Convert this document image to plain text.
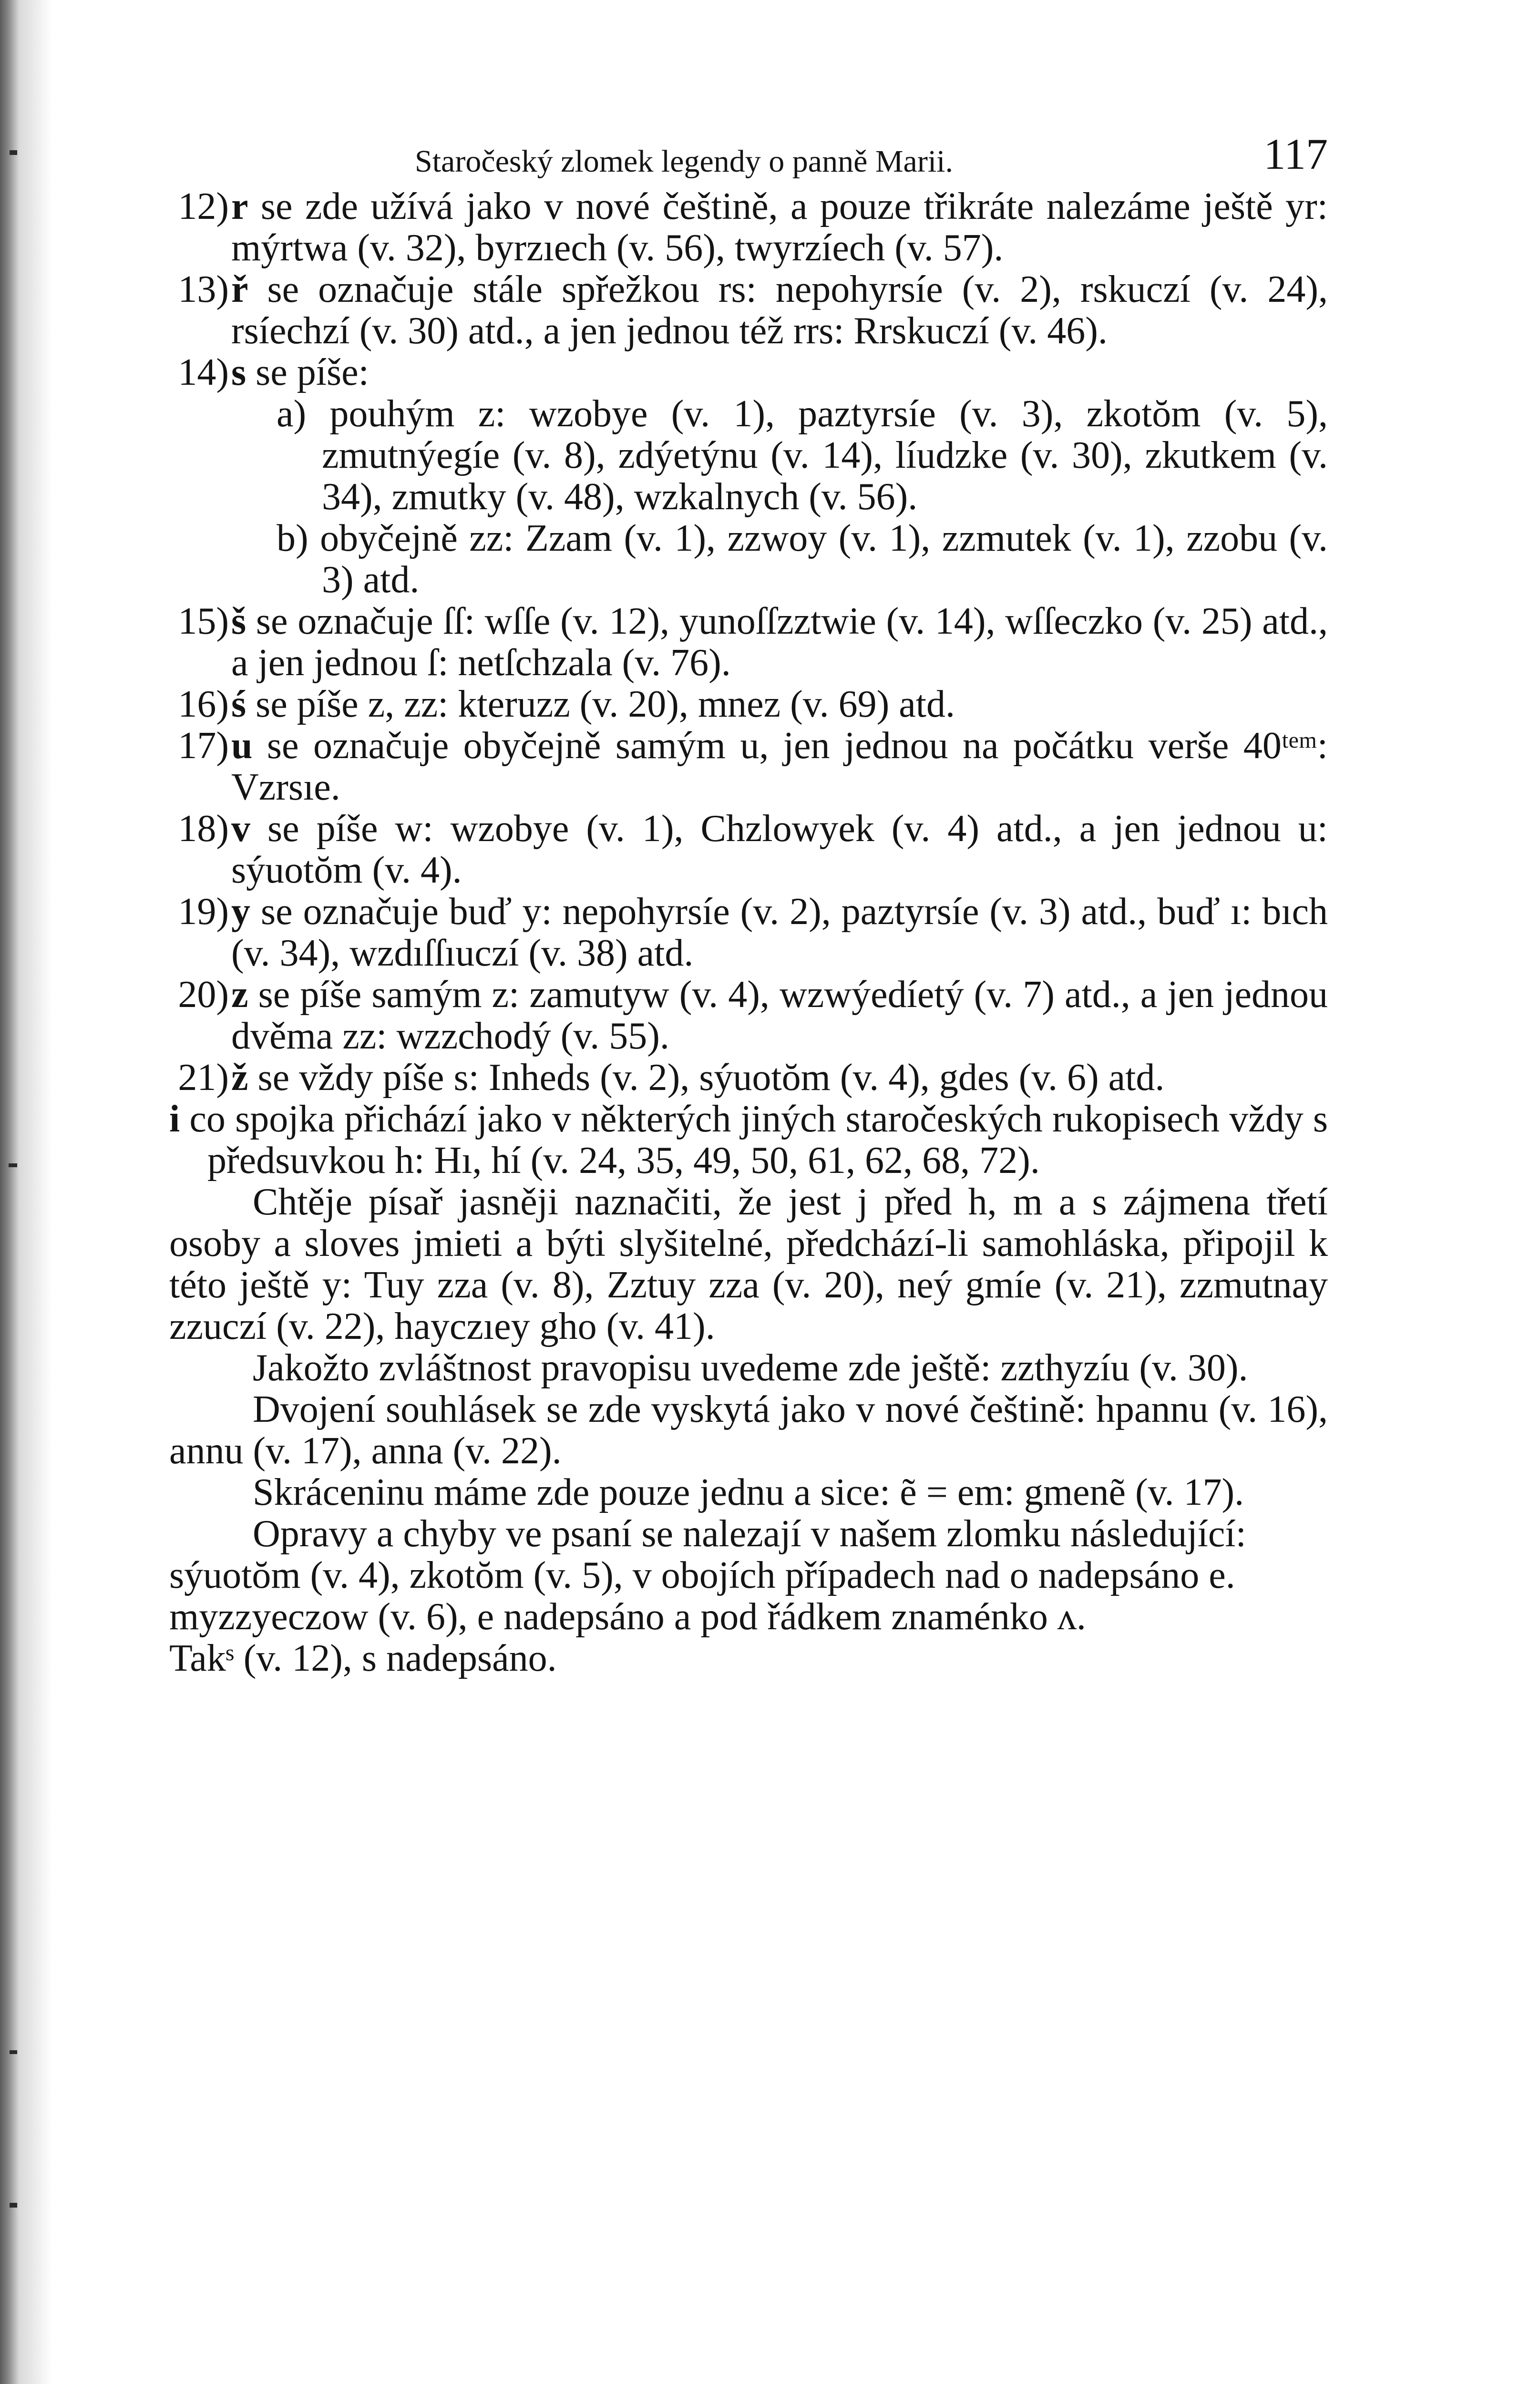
Staročeský zlomek legendy o panně Marii.	117

12) r se zde užívá jako v nové češtině, a pouze třikráte nalezáme ještě yr: mýrtwa (v. 32), byrzıech (v. 56), twyrzíech (v. 57).

13) ř se označuje stále spřežkou rs: nepohyrsíe (v. 2), rskuczí (v. 24), rsíechzí (v. 30) atd., a jen jednou též rrs: Rrskuczí (v. 46).

14) s se píše:

a) pouhým z: wzobye (v. 1), paztyrsíe (v. 3), zkotŏm (v. 5), zmutnýegíe (v. 8), zdýetýnu (v. 14), líudzke (v. 30), zkutkem (v. 34), zmutky (v. 48), wzkalnych (v. 56).

b) obyčejně zz: Zzam (v. 1), zzwoy (v. 1), zzmutek (v. 1), zzobu (v. 3) atd.

15) š se označuje ſſ: wſſe (v. 12), yunoſſzztwie (v. 14), wſſeczko (v. 25) atd., a jen jednou ſ: netſchzala (v. 76).

16) ś se píše z, zz: kteruzz (v. 20), mnez (v. 69) atd.

17) u se označuje obyčejně samým u, jen jednou na počátku verše 40ᵗᵉᵐ: Vzrsıe.

18) v se píše w: wzobye (v. 1), Chzlowyek (v. 4) atd., a jen jednou u: sýuotŏm (v. 4).

19) y se označuje buď y: nepohyrsíe (v. 2), paztyrsíe (v. 3) atd., buď ı: bıch (v. 34), wzdıſſıuczí (v. 38) atd.

20) z se píše samým z: zamutyw (v. 4), wzwýedíetý (v. 7) atd., a jen jednou dvěma zz: wzzchodý (v. 55).

21) ž se vždy píše s: Inheds (v. 2), sýuotŏm (v. 4), gdes (v. 6) atd.

i co spojka přichází jako v některých jiných staročeských rukopisech vždy s předsuvkou h: Hı, hí (v. 24, 35, 49, 50, 61, 62, 68, 72).

Chtěje písař jasněji naznačiti, že jest j před h, m a s zájmena třetí osoby a sloves jmieti a býti slyšitelné, předchází-li samohláska, připojil k této ještě y: Tuy zza (v. 8), Zztuy zza (v. 20), neý gmíe (v. 21), zzmutnay zzuczí (v. 22), hayczıey gho (v. 41).

Jakožto zvláštnost pravopisu uvedeme zde ještě: zzthyzíu (v. 30).

Dvojení souhlásek se zde vyskytá jako v nové češtině: hpannu (v. 16), annu (v. 17), anna (v. 22).

Skráceninu máme zde pouze jednu a sice: ẽ = em: gmenẽ (v. 17).

Opravy a chyby ve psaní se nalezají v našem zlomku následující:

sýuotŏm (v. 4), zkotŏm (v. 5), v obojích případech nad o nadepsáno e.

myzzyeczow (v. 6), e nadepsáno a pod řádkem znaménko ʌ.

Takˢ (v. 12), s nadepsáno.
